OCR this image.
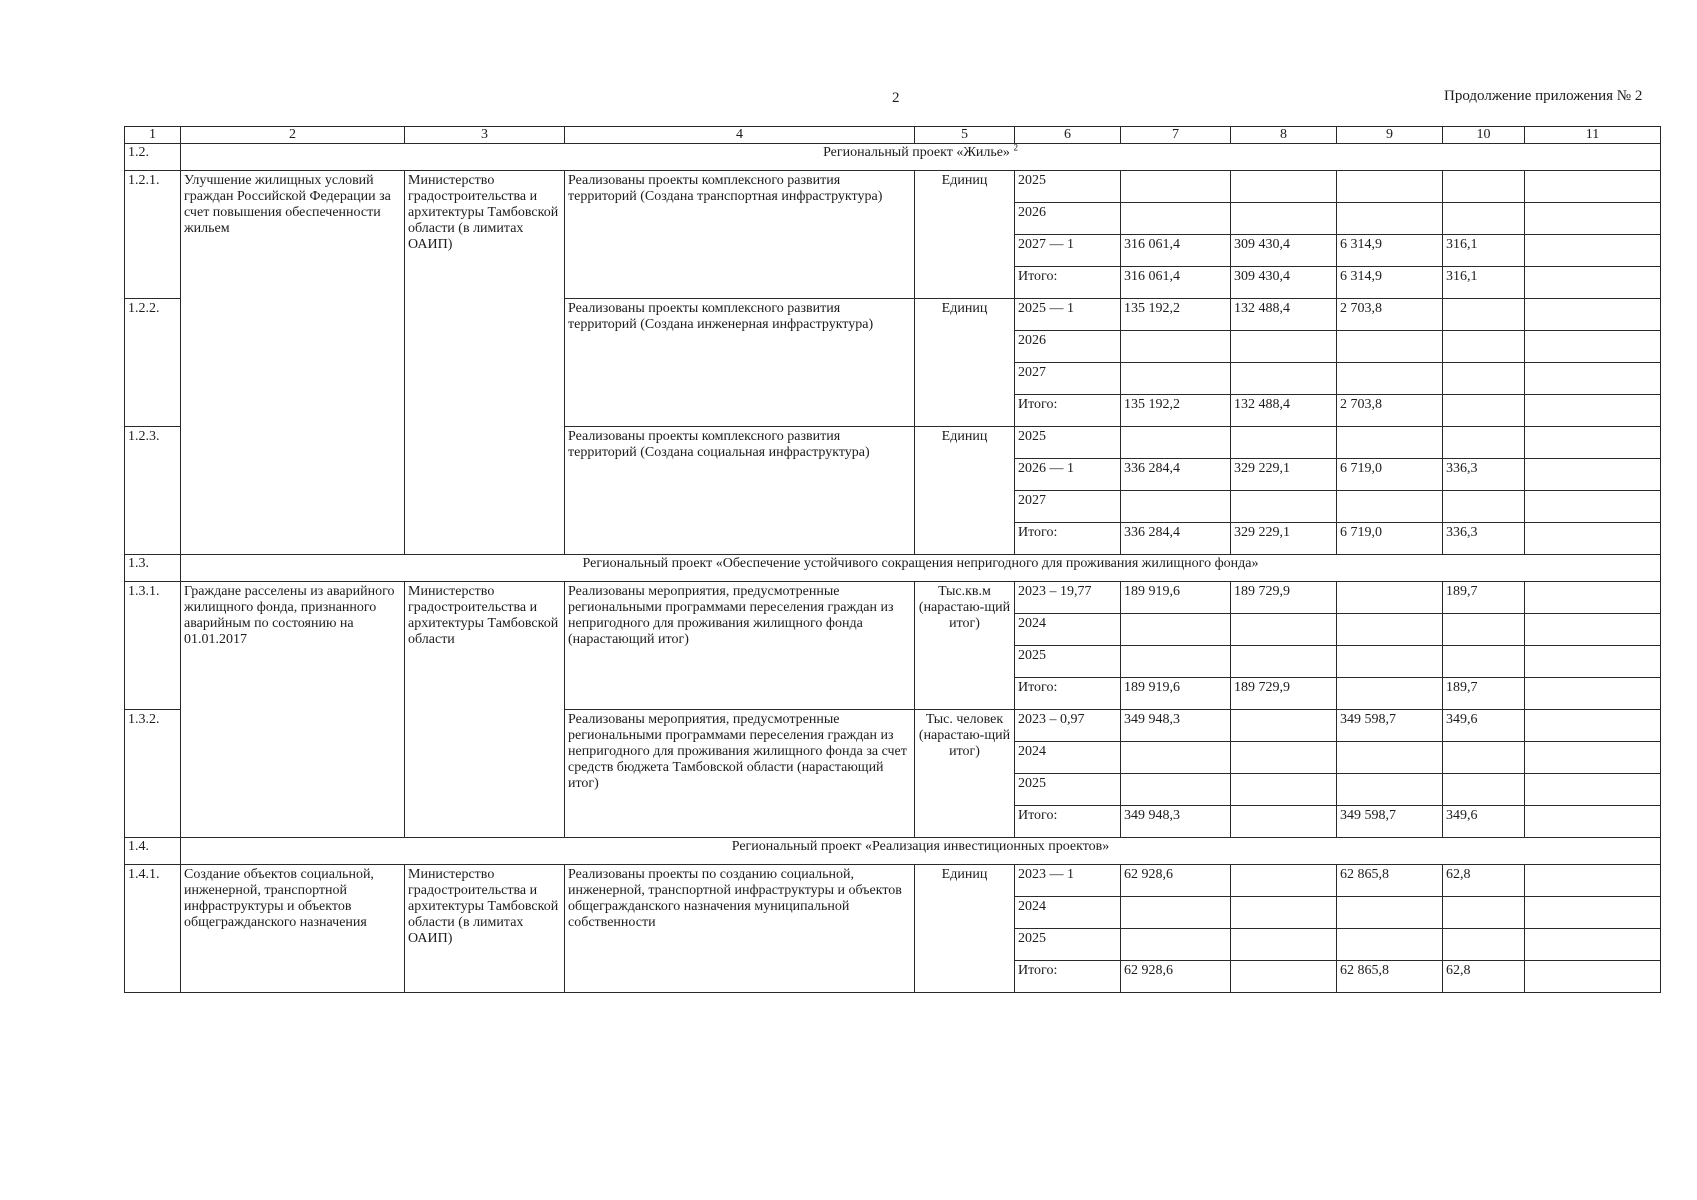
2	Продолжение приложения № 2
1	2	3	4	5	6	7	8	9	10	11
1.2.	Региональный проект «Жилье» $^2$
1.2.1.	Улучшение жилищных условий граждан Российской Федерации за счет повышения обеспеченности жильем	Министерство градостроительства и архитектуры Тамбовской области (в лимитах ОАИП)	Реализованы проекты комплексного развития территорий (Создана транспортная инфраструктура)	Единиц	2025					
					2026					
					2027 — 1	316 061,4	309 430,4	6 314,9	316,1	
					Итого:	316 061,4	309 430,4	6 314,9	316,1	
1.2.2.			Реализованы проекты комплексного развития территорий (Создана инженерная инфраструктура)	Единиц	2025 — 1	135 192,2	132 488,4	2 703,8		
					2026					
					2027					
					Итого:	135 192,2	132 488,4	2 703,8		
1.2.3.			Реализованы проекты комплексного развития территорий (Создана социальная инфраструктура)	Единиц	2025					
					2026 — 1	336 284,4	329 229,1	6 719,0	336,3	
					2027					
					Итого:	336 284,4	329 229,1	6 719,0	336,3	
1.3.	Региональный проект «Обеспечение устойчивого сокращения непригодного для проживания жилищного фонда»									
1.3.1.	Граждане расселены из аварийного жилищного фонда, признанного аварийным по состоянию на 01.01.2017	Министерство градостроительства и архитектуры Тамбовской области	Реализованы мероприятия, предусмотренные региональными программами переселения граждан из непригодного для проживания жилищного фонда (нарастающий итог)	Тыс.кв.м (нарастаю-щий итог)	2023 – 19,77	189 919,6	189 729,9		189,7	
					2024					
					2025					
					Итого:	189 919,6	189 729,9		189,7	
1.3.2.			Реализованы мероприятия, предусмотренные региональными программами переселения граждан из непригодного для проживания жилищного фонда за счет средств бюджета Тамбовской области (нарастающий итог)	Тыс. человек (нарастаю-щий итог)	2023 – 0,97	349 948,3		349 598,7	349,6	
					2024					
					2025					
					Итого:	349 948,3		349 598,7	349,6	
1.4.	Региональный проект «Реализация инвестиционных проектов»									
1.4.1.	Создание объектов социальной, инженерной, транспортной инфраструктуры и объектов общегражданского назначения	Министерство градостроительства и архитектуры Тамбовской области (в лимитах ОАИП)	Реализованы проекты по созданию социальной, инженерной, транспортной инфраструктуры и объектов общегражданского назначения муниципальной собственности	Единиц	2023 — 1	62 928,6		62 865,8	62,8	
					2024					
					2025					
					Итого:	62 928,6		62 865,8	62,8	
